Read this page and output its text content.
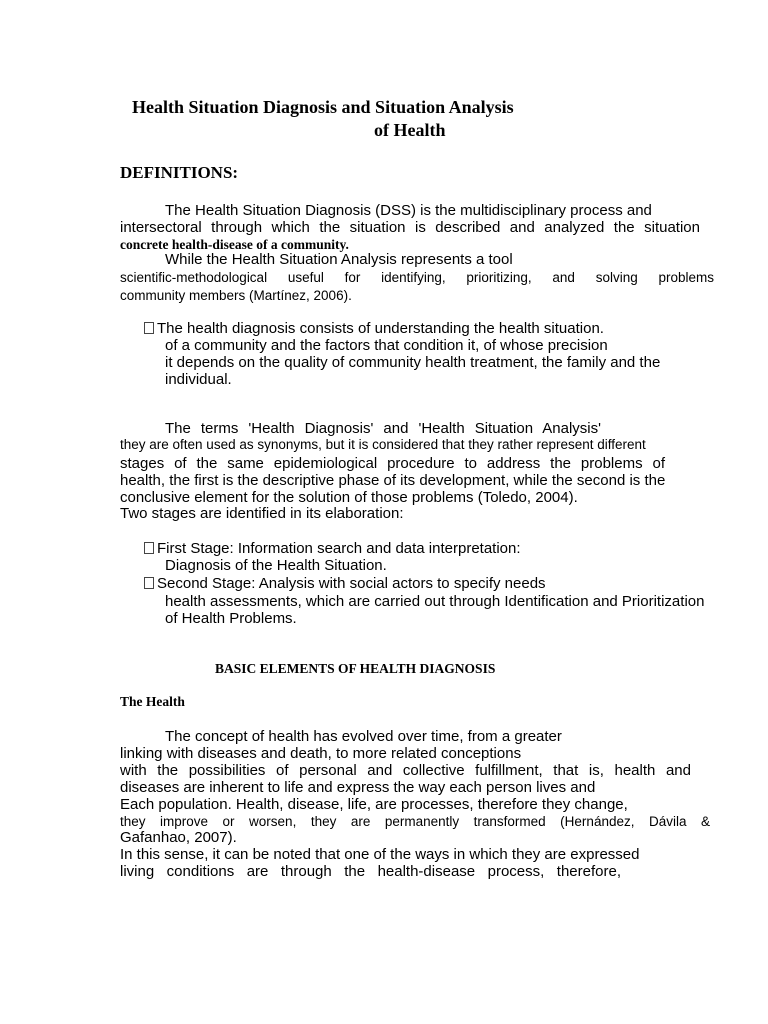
Health Situation Diagnosis and Situation Analysis
of Health
DEFINITIONS:
The Health Situation Diagnosis (DSS) is the multidisciplinary process and
intersectoral through which the situation is described and analyzed the situation
concrete health-disease of a community.
While the Health Situation Analysis represents a tool
scientific-methodological useful for identifying, prioritizing, and solving problems
community members (Martínez, 2006).
The health diagnosis consists of understanding the health situation.
of a community and the factors that condition it, of whose precision
it depends on the quality of community health treatment, the family and the
individual.
The terms 'Health Diagnosis' and 'Health Situation Analysis'
they are often used as synonyms, but it is considered that they rather represent different
stages of the same epidemiological procedure to address the problems of
health, the first is the descriptive phase of its development, while the second is the
conclusive element for the solution of those problems (Toledo, 2004).
Two stages are identified in its elaboration:
First Stage: Information search and data interpretation:
Diagnosis of the Health Situation.
Second Stage: Analysis with social actors to specify needs
health assessments, which are carried out through Identification and Prioritization
of Health Problems.
BASIC ELEMENTS OF HEALTH DIAGNOSIS
The Health
The concept of health has evolved over time, from a greater
linking with diseases and death, to more related conceptions
with the possibilities of personal and collective fulfillment, that is, health and
diseases are inherent to life and express the way each person lives and
Each population. Health, disease, life, are processes, therefore they change,
they improve or worsen, they are permanently transformed (Hernández, Dávila &
Gafanhao, 2007).
In this sense, it can be noted that one of the ways in which they are expressed
living conditions are through the health-disease process, therefore,
